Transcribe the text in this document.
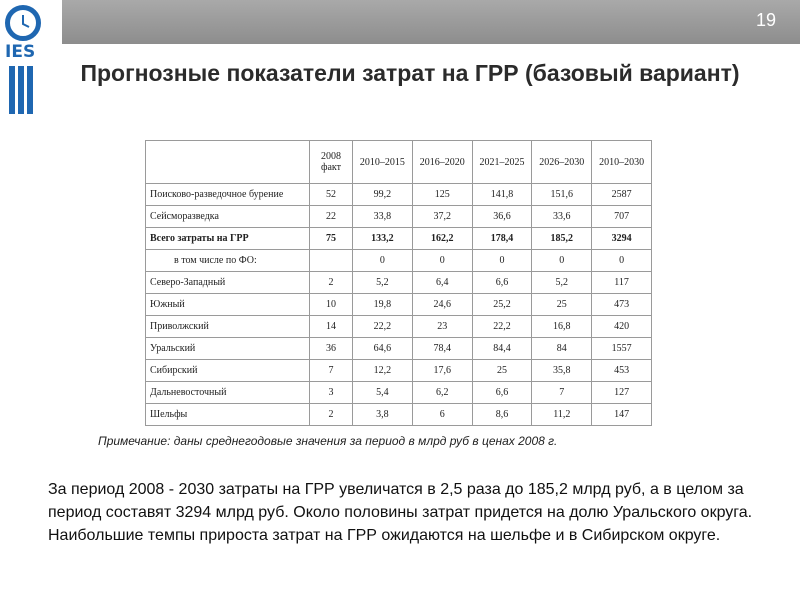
IES
19
Прогнозные показатели затрат на ГРР (базовый вариант)
	2008 факт	2010–2015	2016–2020	2021–2025	2026–2030	2010–2030
Поисково-разведочное бурение	52	99,2	125	141,8	151,6	2587
Сейсморазведка	22	33,8	37,2	36,6	33,6	707
Всего затраты на ГРР	75	133,2	162,2	178,4	185,2	3294
в том числе по ФО:		0	0	0	0	0
Северо-Западный	2	5,2	6,4	6,6	5,2	117
Южный	10	19,8	24,6	25,2	25	473
Приволжский	14	22,2	23	22,2	16,8	420
Уральский	36	64,6	78,4	84,4	84	1557
Сибирский	7	12,2	17,6	25	35,8	453
Дальневосточный	3	5,4	6,2	6,6	7	127
Шельфы	2	3,8	6	8,6	11,2	147
Примечание: даны среднегодовые значения за период в млрд руб в ценах 2008 г.
За период 2008 - 2030 затраты на ГРР увеличатся в 2,5 раза до 185,2 млрд руб, а в целом за период составят 3294 млрд руб. Около половины затрат придется на долю Уральского округа. Наибольшие темпы прироста затрат на ГРР ожидаются на шельфе и в Сибирском округе.
